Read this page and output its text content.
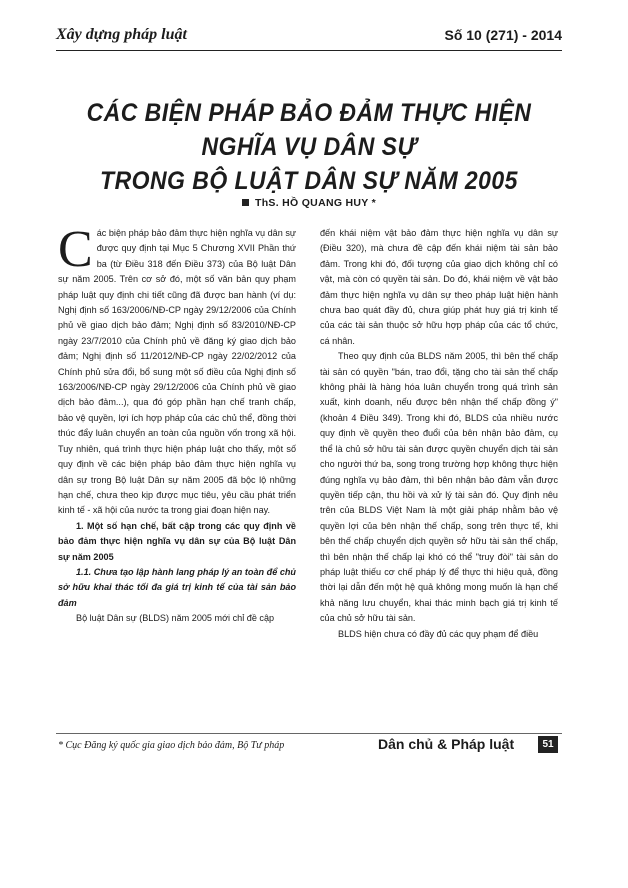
Xây dựng pháp luật	Số 10 (271) - 2014
CÁC BIỆN PHÁP BẢO ĐẢM THỰC HIỆN NGHĨA VỤ DÂN SỰ
TRONG BỘ LUẬT DÂN SỰ NĂM 2005
ThS. HỒ QUANG HUY *

Các biện pháp bảo đảm thực hiện nghĩa vụ dân sự được quy định tại Mục 5 Chương XVII Phần thứ ba (từ Điều 318 đến Điều 373) của Bộ luật Dân sự năm 2005. Trên cơ sở đó, một số văn bản quy phạm pháp luật quy định chi tiết cũng đã được ban hành (ví dụ: Nghị định số 163/2006/NĐ-CP ngày 29/12/2006 của Chính phủ về giao dịch bảo đảm; Nghị định số 83/2010/NĐ-CP ngày 23/7/2010 của Chính phủ về đăng ký giao dịch bảo đảm; Nghị định số 11/2012/NĐ-CP ngày 22/02/2012 của Chính phủ sửa đổi, bổ sung một số điều của Nghị định số 163/2006/NĐ-CP ngày 29/12/2006 của Chính phủ về giao dịch bảo đảm...), qua đó góp phần hạn chế tranh chấp, bảo vệ quyền, lợi ích hợp pháp của các chủ thể, đồng thời thúc đẩy luân chuyển an toàn của nguồn vốn trong xã hội. Tuy nhiên, quá trình thực hiện pháp luật cho thấy, một số quy định về các biện pháp bảo đảm thực hiện nghĩa vụ dân sự trong Bộ luật Dân sự năm 2005 đã bộc lộ những hạn chế, chưa theo kịp được mục tiêu, yêu cầu phát triển kinh tế - xã hội của nước ta trong giai đoạn hiện nay.

1. Một số hạn chế, bất cập trong các quy định về bảo đảm thực hiện nghĩa vụ dân sự của Bộ luật Dân sự năm 2005

1.1. Chưa tạo lập hành lang pháp lý an toàn để chủ sở hữu khai thác tối đa giá trị kinh tế của tài sản bảo đảm

Bộ luật Dân sự (BLDS) năm 2005 mới chỉ đề cập

đến khái niệm vật bảo đảm thực hiện nghĩa vụ dân sự (Điều 320), mà chưa đề cập đến khái niệm tài sản bảo đảm. Trong khi đó, đối tượng của giao dịch không chỉ có vật, mà còn có quyền tài sản. Do đó, khái niệm về vật bảo đảm thực hiện nghĩa vụ dân sự theo pháp luật hiện hành chưa bao quát đầy đủ, chưa giúp phát huy giá trị kinh tế của các tài sản thuộc sở hữu hợp pháp của các tổ chức, cá nhân.

Theo quy định của BLDS năm 2005, thì bên thế chấp tài sản có quyền "bán, trao đổi, tặng cho tài sản thế chấp không phải là hàng hóa luân chuyển trong quá trình sản xuất, kinh doanh, nếu được bên nhận thế chấp đồng ý" (khoản 4 Điều 349). Trong khi đó, BLDS của nhiều nước quy định về quyền theo đuổi của bên nhận bảo đảm, cụ thể là chủ sở hữu tài sản được quyền chuyển dịch tài sản cho người thứ ba, song trong trường hợp không thực hiện đúng nghĩa vụ bảo đảm, thì bên nhận bảo đảm vẫn được quyền tiếp cận, thu hồi và xử lý tài sản đó. Quy định nêu trên của BLDS Việt Nam là một giải pháp nhằm bảo vệ quyền lợi của bên nhận thế chấp, song trên thực tế, khi bên thế chấp chuyển dịch quyền sở hữu tài sản thế chấp, thì bên nhận thế chấp lại khó có thể "truy đòi" tài sản do pháp luật thiếu cơ chế pháp lý để thực thi hiệu quả, đồng thời lại dẫn đến một hệ quả không mong muốn là hạn chế khả năng lưu chuyển, khai thác minh bạch giá trị kinh tế của chủ sở hữu tài sản.

BLDS hiện chưa có đầy đủ các quy phạm để điều

* Cục Đăng ký quốc gia giao dịch bảo đảm, Bộ Tư pháp	Dân chủ & Pháp luật	51
